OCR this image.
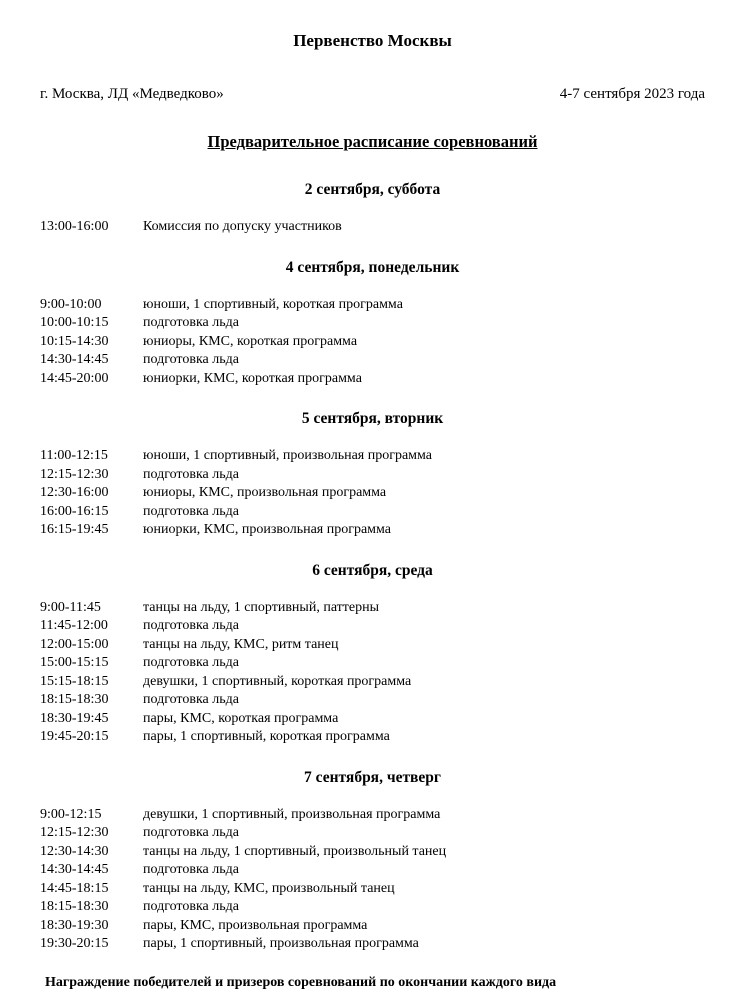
Первенство Москвы
г. Москва, ЛД «Медведково»	4-7 сентября 2023 года
Предварительное расписание соревнований
2 сентября, суббота
13:00-16:00	Комиссия по допуску участников
4 сентября, понедельник
9:00-10:00	юноши, 1 спортивный, короткая программа
10:00-10:15	подготовка льда
10:15-14:30	юниоры, КМС, короткая программа
14:30-14:45	подготовка льда
14:45-20:00	юниорки, КМС, короткая программа
5 сентября, вторник
11:00-12:15	юноши, 1 спортивный, произвольная программа
12:15-12:30	подготовка льда
12:30-16:00	юниоры, КМС, произвольная программа
16:00-16:15	подготовка льда
16:15-19:45	юниорки, КМС, произвольная программа
6 сентября, среда
9:00-11:45	танцы на льду, 1 спортивный, паттерны
11:45-12:00	подготовка льда
12:00-15:00	танцы на льду, КМС, ритм танец
15:00-15:15	подготовка льда
15:15-18:15	девушки, 1 спортивный, короткая программа
18:15-18:30	подготовка льда
18:30-19:45	пары, КМС, короткая программа
19:45-20:15	пары, 1 спортивный, короткая программа
7 сентября, четверг
9:00-12:15	девушки, 1 спортивный, произвольная программа
12:15-12:30	подготовка льда
12:30-14:30	танцы на льду, 1 спортивный, произвольный танец
14:30-14:45	подготовка льда
14:45-18:15	танцы на льду, КМС, произвольный танец
18:15-18:30	подготовка льда
18:30-19:30	пары, КМС, произвольная программа
19:30-20:15	пары, 1 спортивный, произвольная программа

Награждение победителей и призеров соревнований по окончании каждого вида
